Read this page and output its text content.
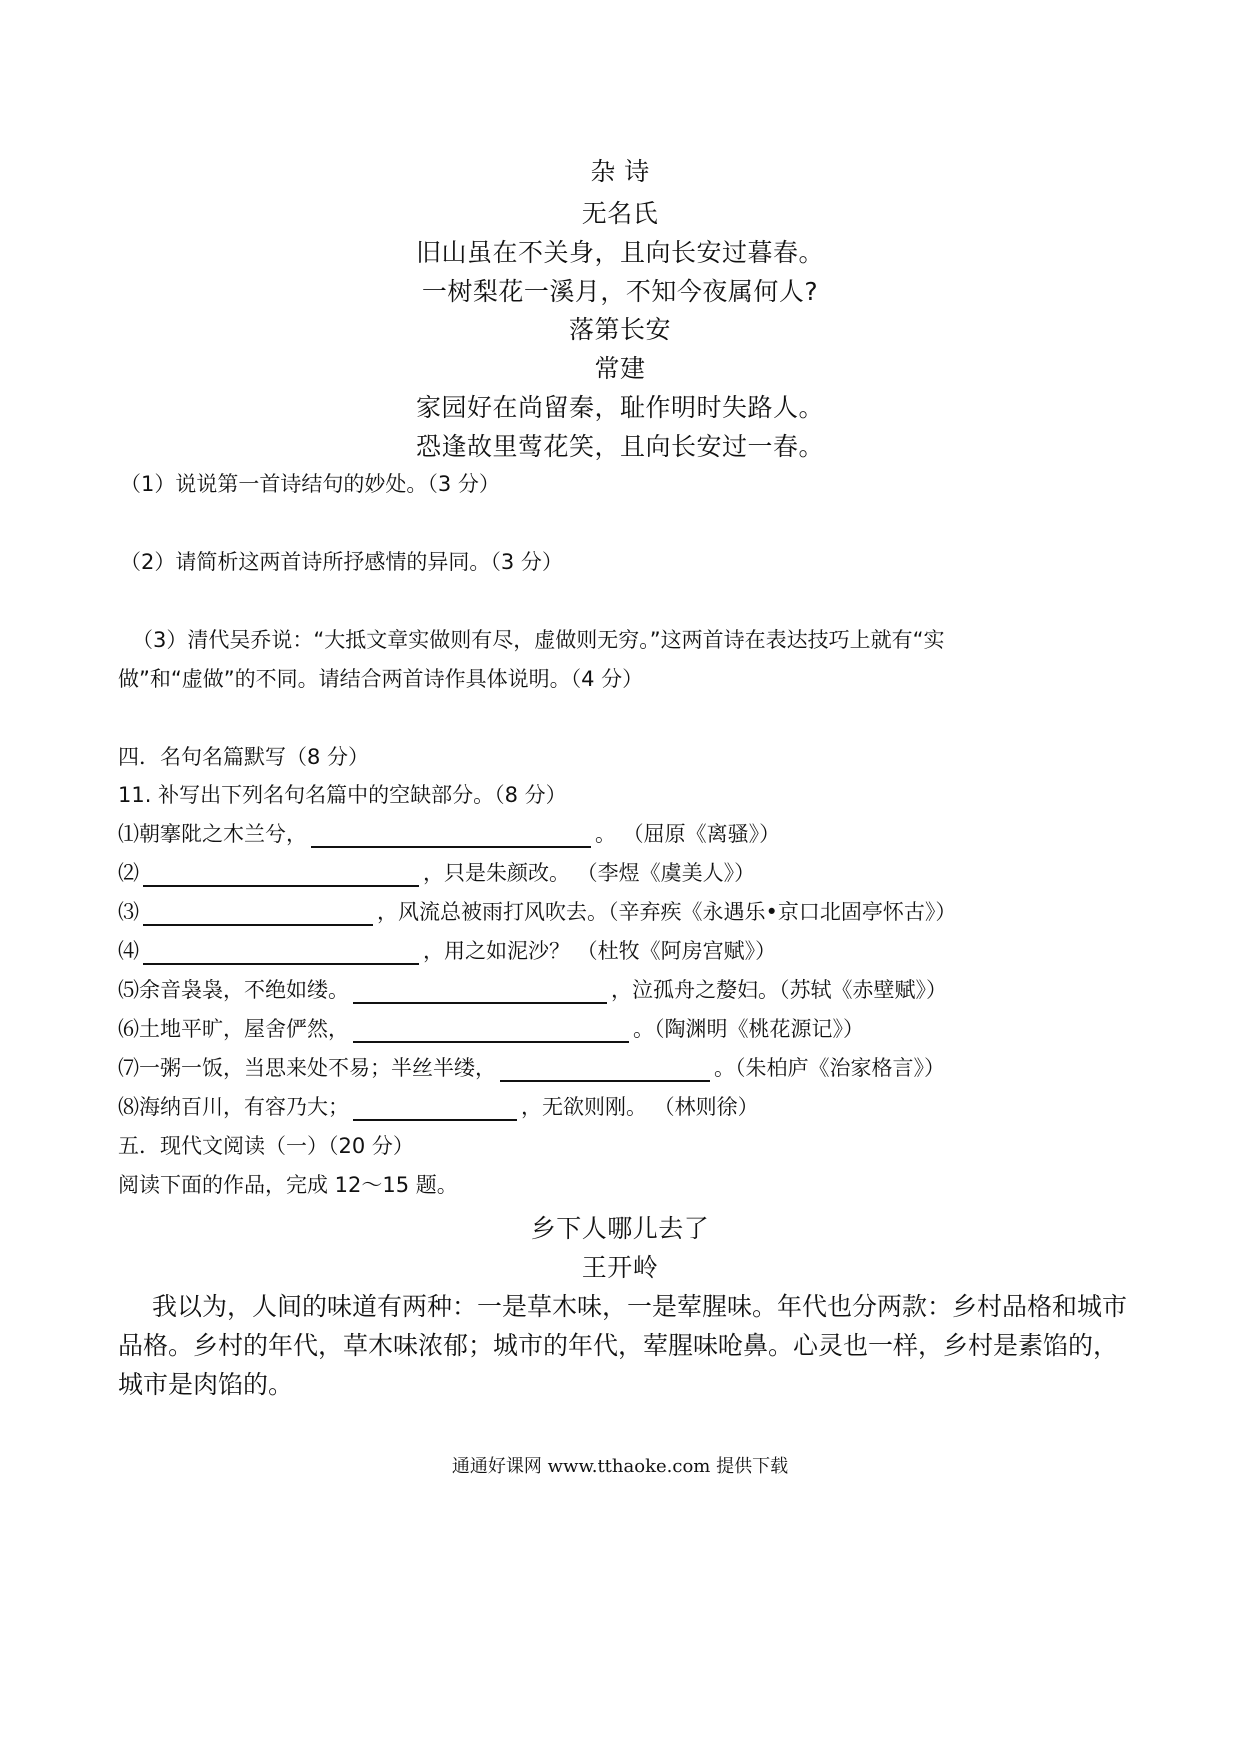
杂 诗
无名氏
旧山虽在不关身，且向长安过暮春。
一树梨花一溪月，不知今夜属何人?
落第长安
常建
家园好在尚留秦，耻作明时失路人。
恐逢故里莺花笑，且向长安过一春。
（1）说说第一首诗结句的妙处。（3 分）
（2）请简析这两首诗所抒感情的异同。（3 分）
（3）清代吴乔说：“大抵文章实做则有尽，虚做则无穷。”这两首诗在表达技巧上就有“实
做”和“虚做”的不同。请结合两首诗作具体说明。（4 分）
四．名句名篇默写（8 分）
11. 补写出下列名句名篇中的空缺部分。（8 分）
⑴朝搴阰之木兰兮，	。 （屈原《离骚》）
⑵	，只是朱颜改。 （李煜《虞美人》）
⑶	，风流总被雨打风吹去。（辛弃疾《永遇乐•京口北固亭怀古》）
⑷	，用之如泥沙？ （杜牧《阿房宫赋》）
⑸余音袅袅，不绝如缕。	，泣孤舟之嫠妇。（苏轼《赤壁赋》）
⑹土地平旷，屋舍俨然，	。（陶渊明《桃花源记》）
⑺一粥一饭，当思来处不易；半丝半缕，	。（朱柏庐《治家格言》）
⑻海纳百川，有容乃大；	，无欲则刚。 （林则徐）
五．现代文阅读（一）（20 分）
阅读下面的作品，完成 12～15 题。
乡下人哪儿去了
王开岭
我以为，人间的味道有两种：一是草木味，一是荤腥味。年代也分两款：乡村品格和城市
品格。乡村的年代，草木味浓郁；城市的年代，荤腥味呛鼻。心灵也一样，乡村是素馅的，
城市是肉馅的。
通通好课网 www.tthaoke.com 提供下载
